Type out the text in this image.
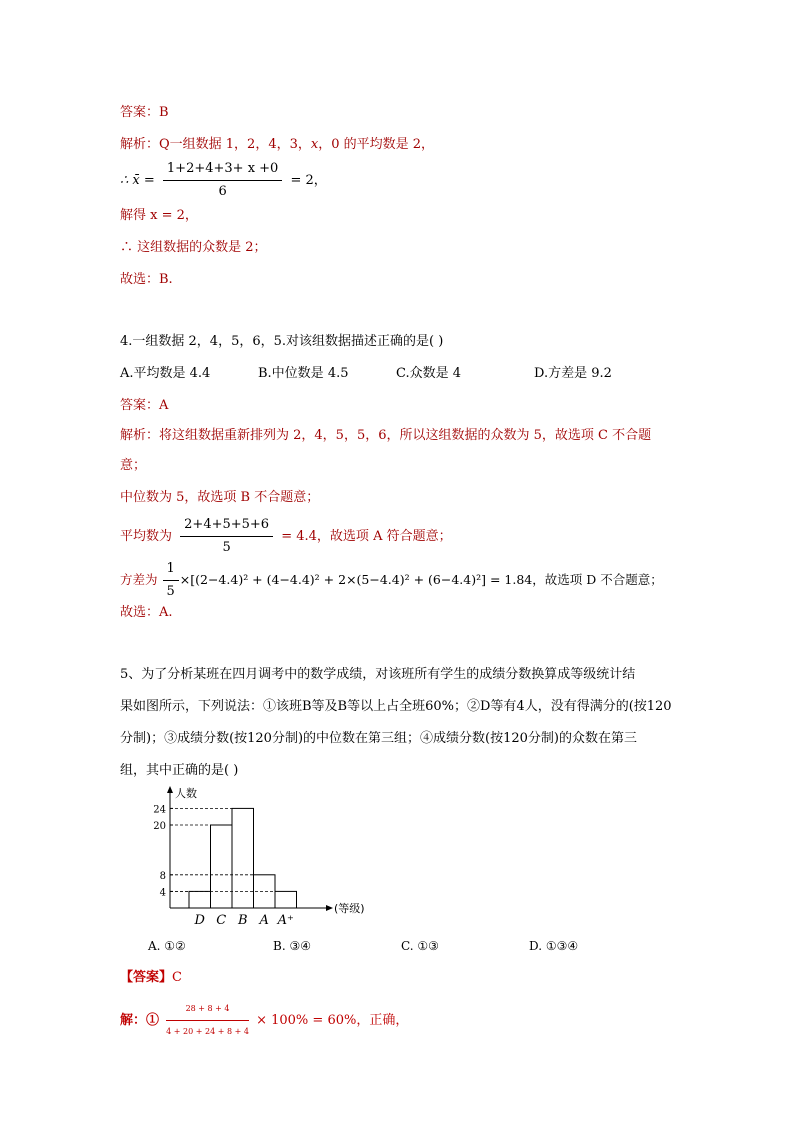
答案：B
解析：Q一组数据 1，2，4，3，x，0 的平均数是 2，
∴ x̄ = $\frac{1+2+4+3+ x +0}{6} = 2$，
解得 x = 2，
∴ 这组数据的众数是 2；
故选：B.
4.一组数据 2，4，5，6，5.对该组数据描述正确的是( )
A.平均数是 4.4	B.中位数是 4.5	C.众数是 4	D.方差是 9.2
答案：A
解析：将这组数据重新排列为 2，4，5，5，6，所以这组数据的众数为 5，故选项 C 不合题
意；
中位数为 5，故选项 B 不合题意；
平均数为 $\frac{2+4+5+5+6}{5} = 4.4$，故选项 A 符合题意；
方差为 $\frac{1}{5} \times[(2-4.4)^2 + (4-4.4)^2 + 2\times(5-4.4)^2 + (6-4.4)^2] = 1.84$，故选项 D 不合题意；
故选：A.
5、为了分析某班在四月调考中的数学成绩，对该班所有学生的成绩分数换算成等级统计结
果如图所示，下列说法：①该班B等及B等以上占全班60%；②D等有4人，没有得满分的(按120
分制)；③成绩分数(按120分制)的中位数在第三组；④成绩分数(按120分制)的众数在第三
组，其中正确的是( )
人数
(等级)
4
8
20
24
D C B A A⁺
A. ①②	B. ③④	C. ①③	D. ①③④
【答案】C
解：① $\frac{28 + 8 + 4}{4 + 20 + 24 + 8 + 4} \times 100\% = 60\%$，正确，
